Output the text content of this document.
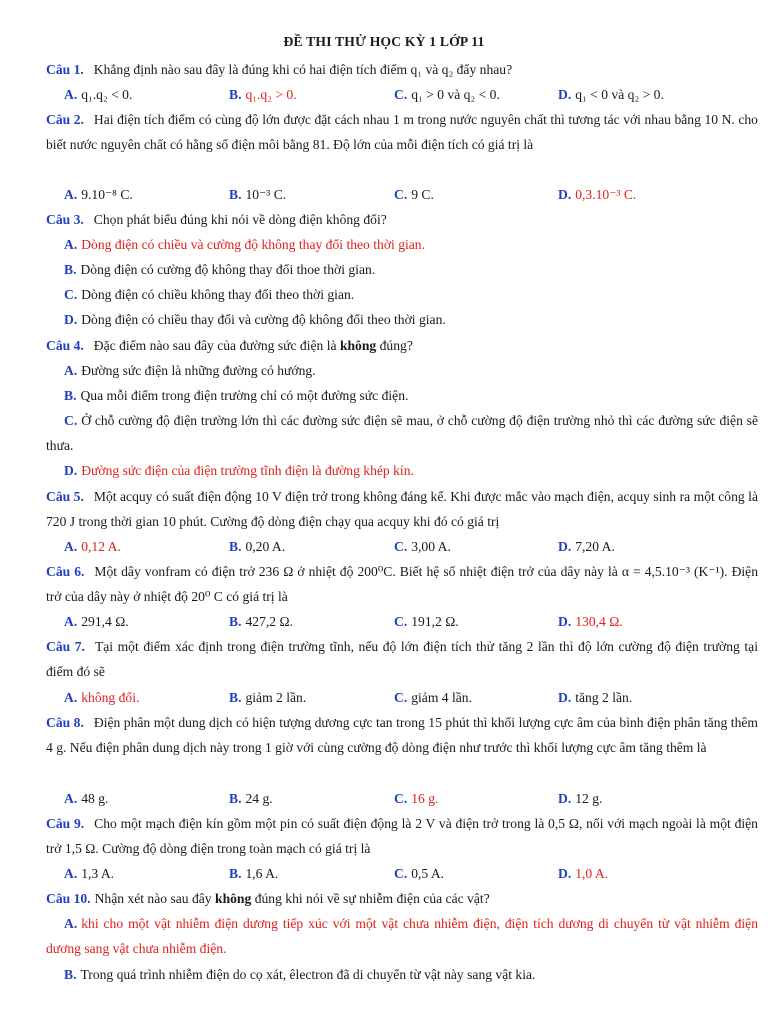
ĐỀ THI THỬ HỌC KỲ 1 LỚP 11
Câu 1. Khẳng định nào sau đây là đúng khi có hai điện tích điểm q₁ và q₂ đẩy nhau?
A. q₁.q₂ < 0.	B. q₁.q₂ > 0.	C. q₁ > 0 và q₂ < 0.	D. q₁ < 0 và q₂ > 0.
Câu 2. Hai điện tích điểm có cùng độ lớn được đặt cách nhau 1 m trong nước nguyên chất thì tương tác với nhau bằng 10 N. cho biết nước nguyên chất có hằng số điện môi bằng 81. Độ lớn của mỗi điện tích có giá trị là
A. 9.10⁻⁸ C.	B. 10⁻³ C.	C. 9 C.	D. 0,3.10⁻³ C.
Câu 3. Chọn phát biểu đúng khi nói về dòng điện không đổi?
A. Dòng điện có chiều và cường độ không thay đổi theo thời gian.
B. Dòng điện có cường độ không thay đổi thoe thời gian.
C. Dòng điện có chiều không thay đổi theo thời gian.
D. Dòng điện có chiều thay đổi và cường độ không đổi theo thời gian.
Câu 4. Đặc điểm nào sau đây của đường sức điện là không đúng?
A. Đường sức điện là những đường có hướng.
B. Qua mỗi điểm trong điện trường chỉ có một đường sức điện.
C. Ở chỗ cường độ điện trường lớn thì các đường sức điện sẽ mau, ở chỗ cường độ điện trường nhỏ thì các đường sức điện sẽ thưa.
D. Đường sức điện của điện trường tĩnh điện là đường khép kín.
Câu 5. Một acquy có suất điện động 10 V điện trở trong không đáng kể. Khi được mắc vào mạch điện, acquy sinh ra một công là 720 J trong thời gian 10 phút. Cường độ dòng điện chạy qua acquy khi đó có giá trị
A. 0,12 A.	B. 0,20 A.	C. 3,00 A.	D. 7,20 A.
Câu 6. Một dây vonfram có điện trở 236 Ω ở nhiệt độ 200⁰C. Biết hệ số nhiệt điện trở của dây này là α = 4,5.10⁻³ (K⁻¹). Điện trở của dây này ở nhiệt độ 20⁰ C có giá trị là
A. 291,4 Ω.	B. 427,2 Ω.	C. 191,2 Ω.	D. 130,4 Ω.
Câu 7. Tại một điểm xác định trong điện trường tĩnh, nếu độ lớn điện tích thử tăng 2 lần thì độ lớn cường độ điện trường tại điểm đó sẽ
A. không đổi.	B. giảm 2 lần.	C. giảm 4 lần.	D. tăng 2 lần.
Câu 8. Điện phân một dung dịch có hiện tượng dương cực tan trong 15 phút thì khối lượng cực âm của bình điện phân tăng thêm 4 g. Nếu điện phân dung dịch này trong 1 giờ với cùng cường độ dòng điện như trước thì khối lượng cực âm tăng thêm là
A. 48 g.	B. 24 g.	C. 16 g.	D. 12 g.
Câu 9. Cho một mạch điện kín gồm một pin có suất điện động là 2 V và điện trở trong là 0,5 Ω, nối với mạch ngoài là một điện trở 1,5 Ω. Cường độ dòng điện trong toàn mạch có giá trị là
A. 1,3 A.	B. 1,6 A.	C. 0,5 A.	D. 1,0 A.
Câu 10. Nhận xét nào sau đây không đúng khi nói về sự nhiễm điện của các vật?
A. khi cho một vật nhiễm điện dương tiếp xúc với một vật chưa nhiễm điện, điện tích dương di chuyển từ vật nhiễm điện dương sang vật chưa nhiễm điện.
B. Trong quá trình nhiễm điện do cọ xát, êlectron đã di chuyển từ vật này sang vật kia.
